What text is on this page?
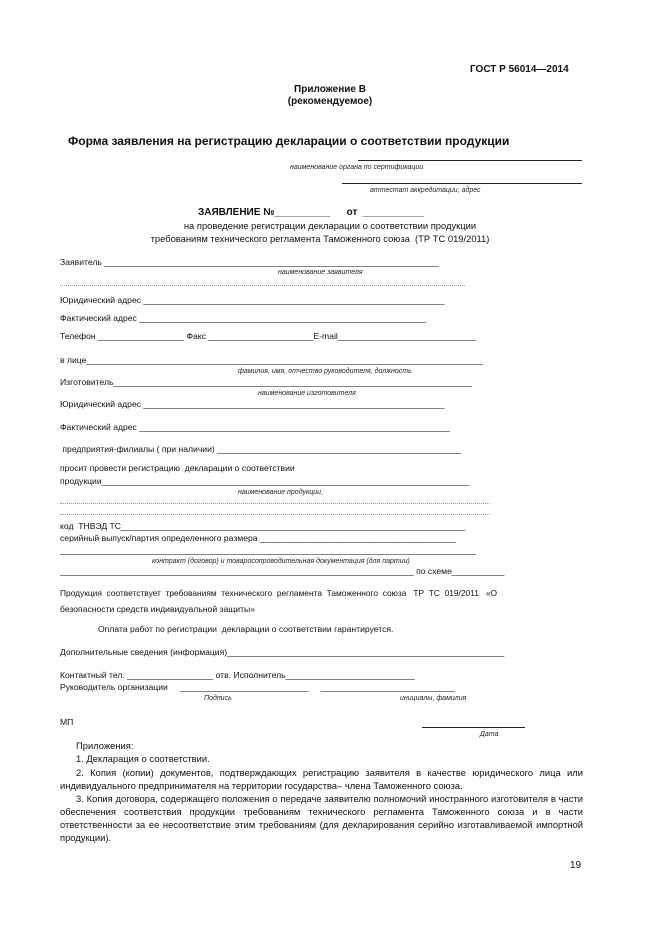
ГОСТ Р 56014—2014
Приложение В
(рекомендуемое)
Форма заявления на регистрацию декларации о соответствии продукции
наименование органа по сертификации
аттестат аккредитации, адрес
ЗАЯВЛЕНИЕ №__________      от  ___________
на проведение регистрации декларации о соответствии продукции
требованиям технического регламента Таможенного союза  (ТР ТС 019/2011)
Заявитель ______________________________________________________________________
наименование заявителя
Юридический адрес _______________________________________________________________
Фактический адрес ____________________________________________________________
Телефон __________________ Факс ______________________E-mail_____________________________
в лице___________________________________________________________________________________
фамилия, имя, отчество руководителя, должность
Изготовитель___________________________________________________________________________
наименование изготовителя
Юридический адрес _______________________________________________________________
Фактический адрес _________________________________________________________________
предприятия-филиалы ( при наличии) ___________________________________________________
просит провести регистрацию  декларации о соответствии
продукции_____________________________________________________________________________
наименование продукции,
код  ТНВЭД ТС________________________________________________________________________
серийный выпуск/партия определенного размера _________________________________________
_______________________________________________________________________________________
контракт (договор) и товаросопроводительная документация (для партии)
__________________________________________________________________________ по схеме___________
Продукция  соответствует  требованиям  технического  регламента  Таможенного  союза   ТР  ТС  019/2011   «О
безопасности средств индивидуальной защиты»
Оплата работ по регистрации  декларации о соответствии гарантируется.
Дополнительные сведения (информация)__________________________________________________________
Контактный тел. __________________ отв. Исполнитель___________________________
Руководитель организации     ___________________________     ____________________________
Подпись	инициалы, фамилия
МП
Дата
Приложения:
1. Декларация о соответствии.
2. Копия (копии) документов, подтверждающих регистрацию заявителя в качестве юридического лица или индивидуального предпринимателя на территории государства– члена Таможенного союза.
3. Копия договора, содержащего положения о передаче заявителю полномочий иностранного изготовителя в части обеспечения соответствия продукции требованиям технического регламента Таможенного союза и в части ответственности за ее несоответствие этим требованиям (для декларирования серийно изготавливаемой импортной продукции).
19
